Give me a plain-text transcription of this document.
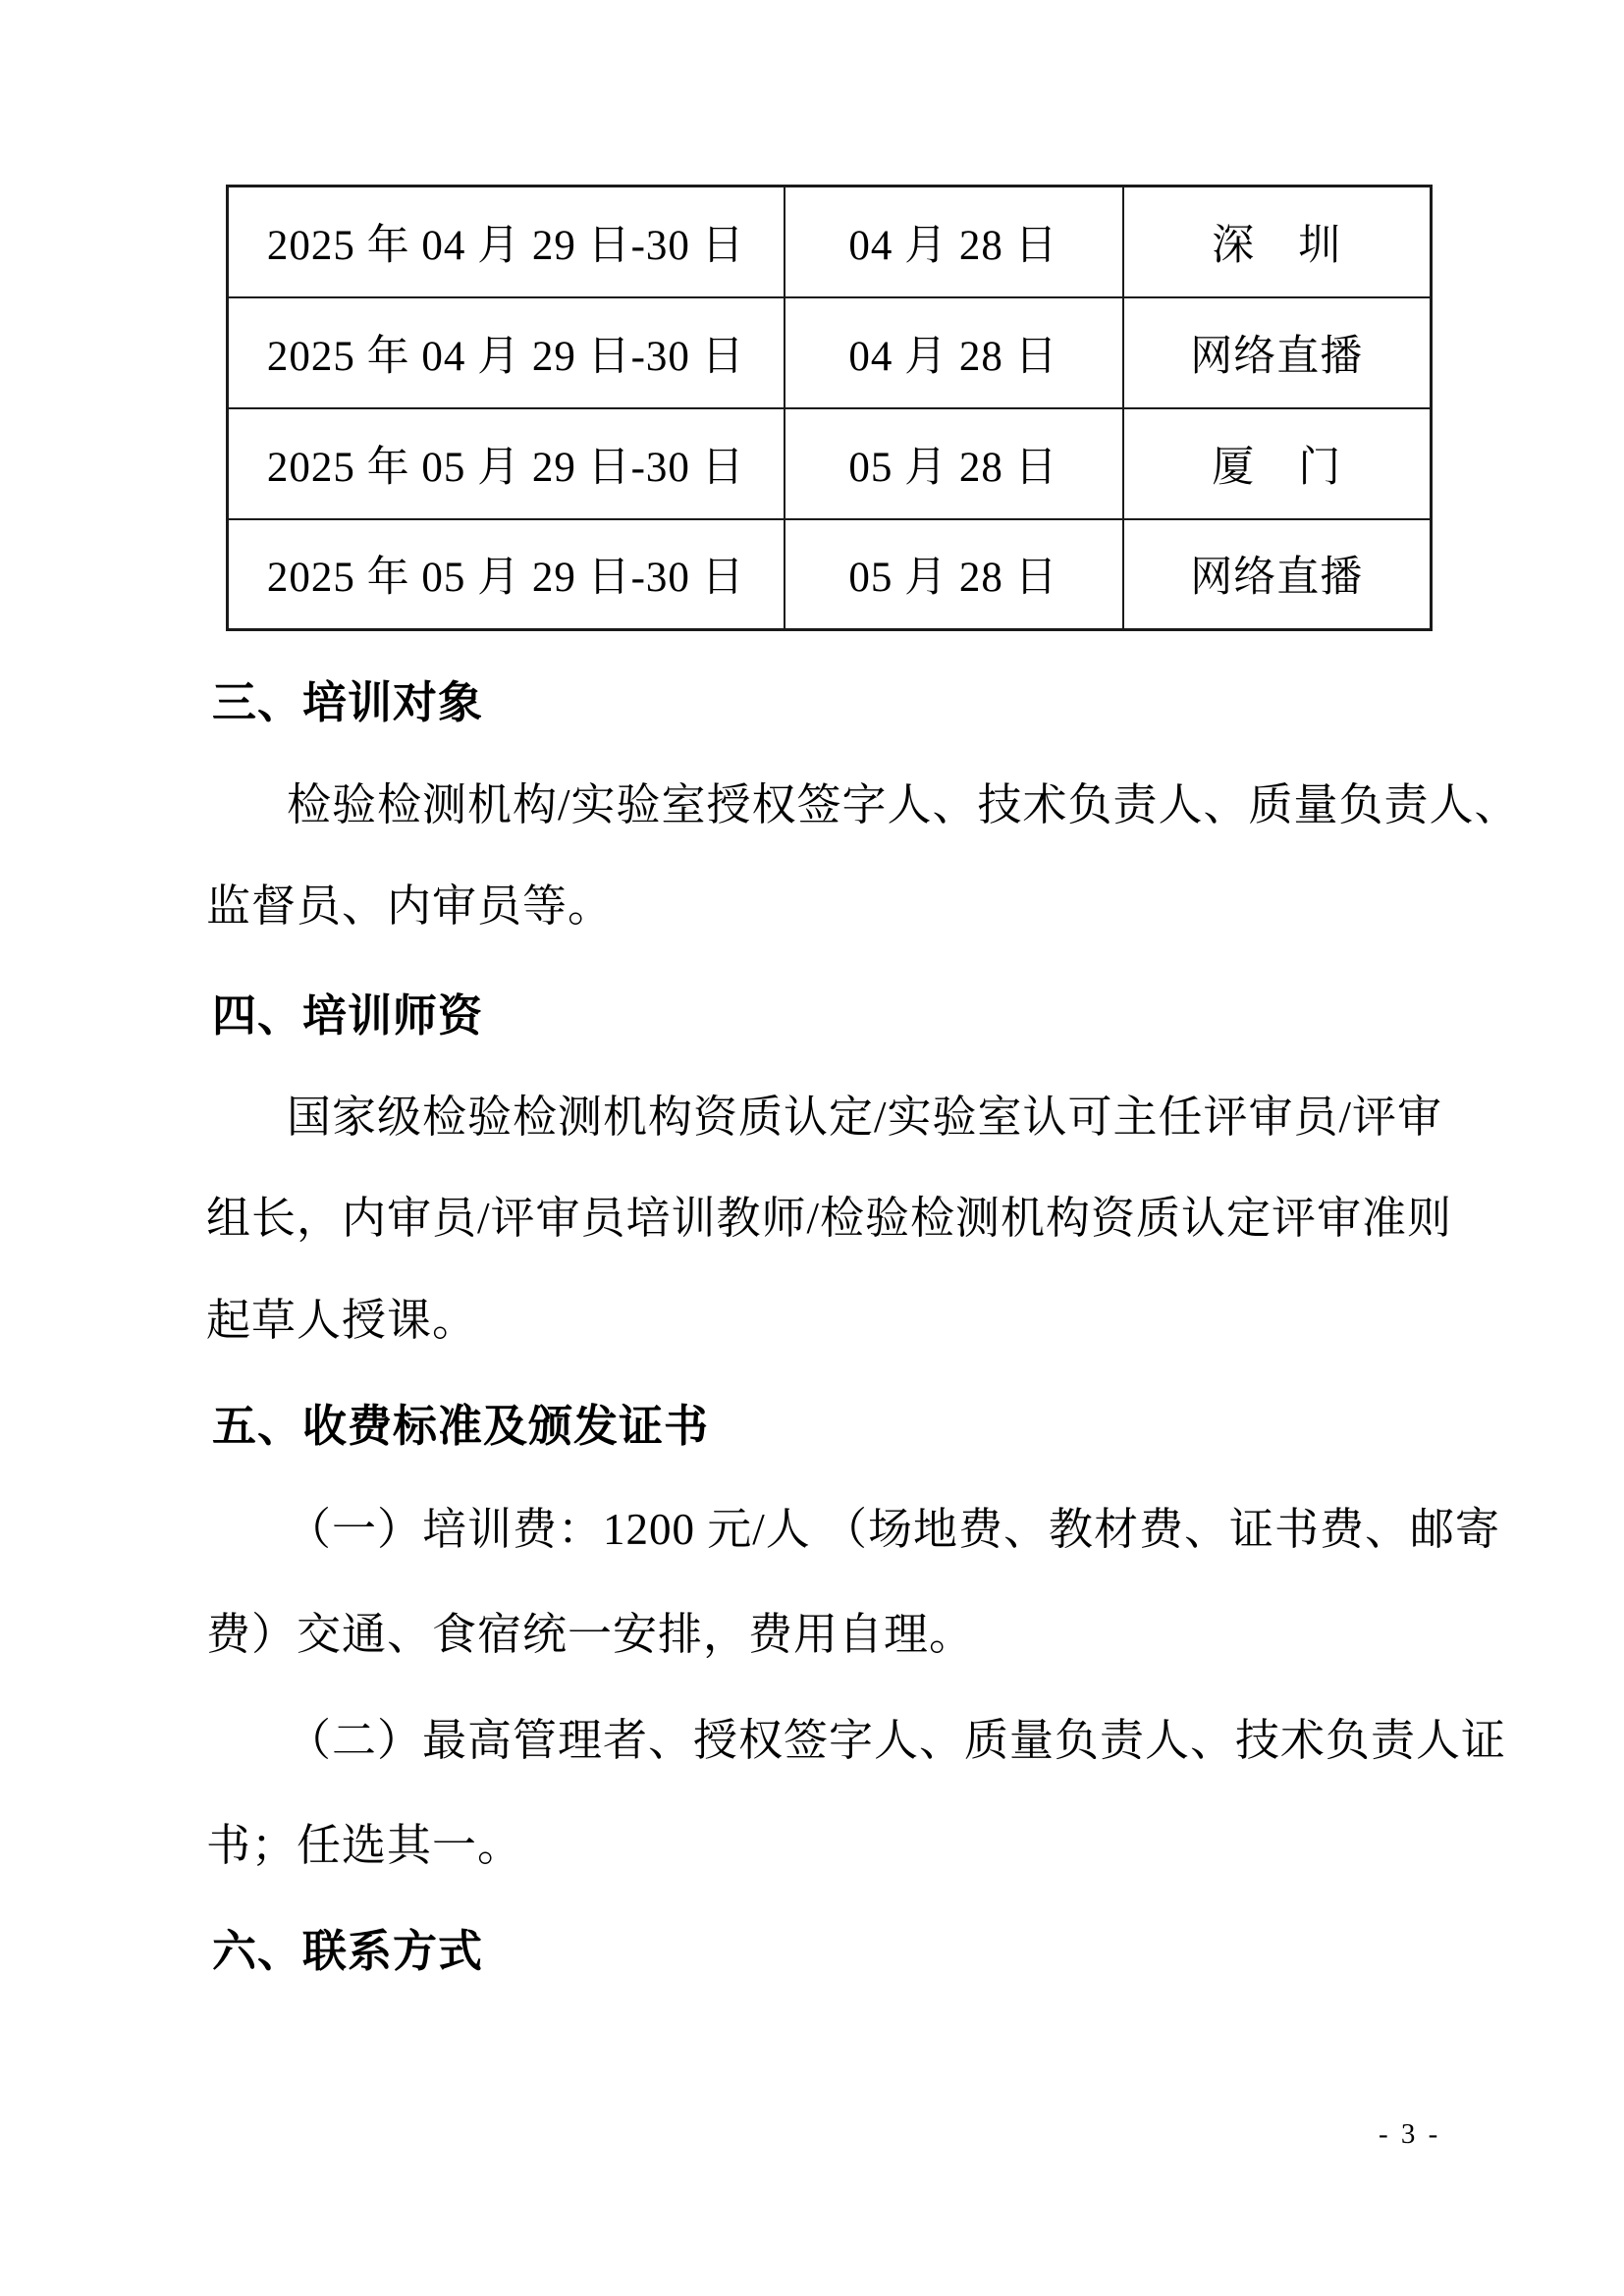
2025 年 04 月 29 日-30 日	04 月 28 日	深　圳
2025 年 04 月 29 日-30 日	04 月 28 日	网络直播
2025 年 05 月 29 日-30 日	05 月 28 日	厦　门
2025 年 05 月 29 日-30 日	05 月 28 日	网络直播
三、培训对象
检验检测机构/实验室授权签字人、技术负责人、质量负责人、
监督员、内审员等。
四、培训师资
国家级检验检测机构资质认定/实验室认可主任评审员/评审
组长，内审员/评审员培训教师/检验检测机构资质认定评审准则
起草人授课。
五、收费标准及颁发证书
（一）培训费：1200 元/人 （场地费、教材费、证书费、邮寄
费）交通、食宿统一安排，费用自理。
（二）最高管理者、授权签字人、质量负责人、技术负责人证
书；任选其一。
六、联系方式
- 3 -
